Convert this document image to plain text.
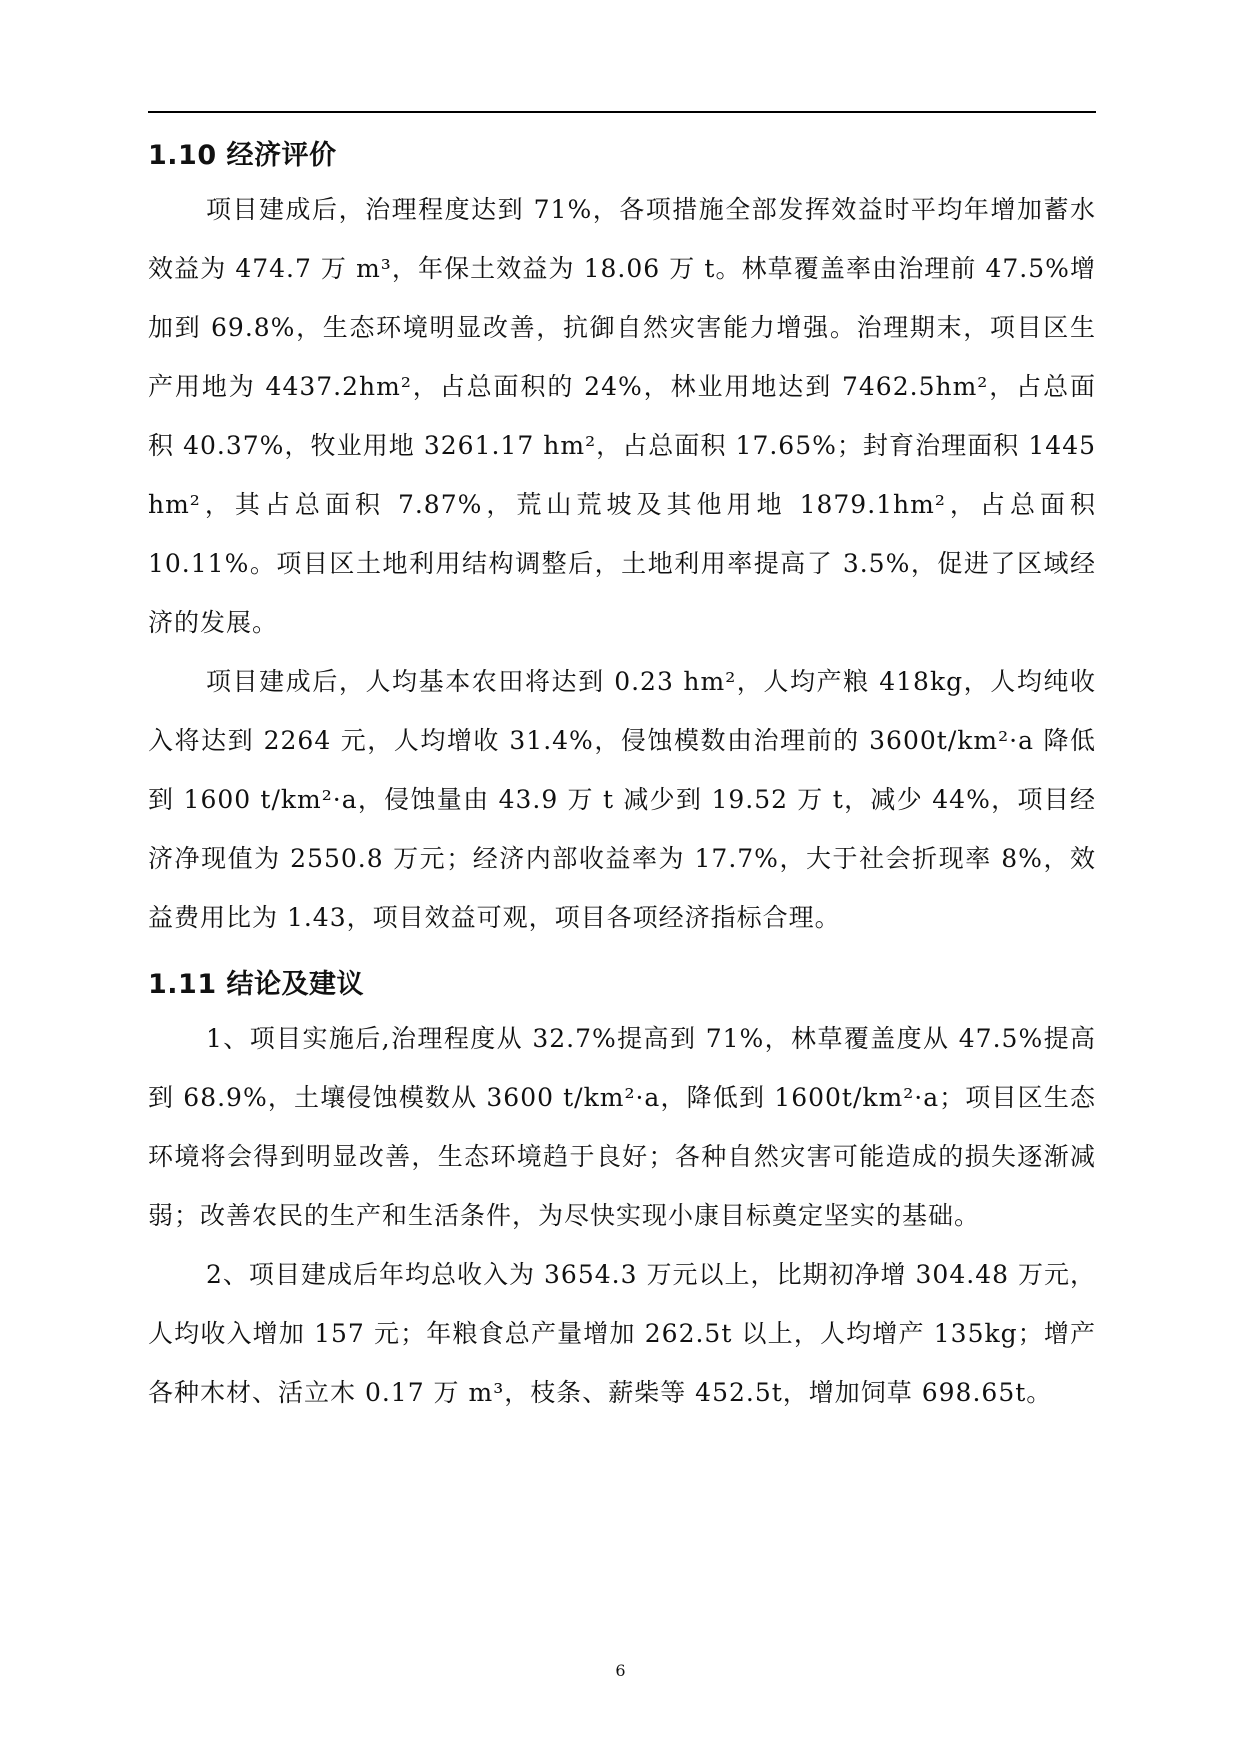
1.10 经济评价

项目建成后，治理程度达到 71%，各项措施全部发挥效益时平均年增加蓄水效益为 474.7 万 m³，年保土效益为 18.06 万 t。林草覆盖率由治理前 47.5%增加到 69.8%，生态环境明显改善，抗御自然灾害能力增强。治理期末，项目区生产用地为 4437.2hm²，占总面积的 24%，林业用地达到 7462.5hm²，占总面积 40.37%，牧业用地 3261.17 hm²，占总面积 17.65%；封育治理面积 1445 hm²，其占总面积 7.87%，荒山荒坡及其他用地 1879.1hm²，占总面积 10.11%。项目区土地利用结构调整后，土地利用率提高了 3.5%，促进了区域经济的发展。

项目建成后，人均基本农田将达到 0.23 hm²，人均产粮 418kg，人均纯收入将达到 2264 元，人均增收 31.4%，侵蚀模数由治理前的 3600t/km²·a 降低到 1600 t/km²·a，侵蚀量由 43.9 万 t 减少到 19.52 万 t，减少 44%，项目经济净现值为 2550.8 万元；经济内部收益率为 17.7%，大于社会折现率 8%，效益费用比为 1.43，项目效益可观，项目各项经济指标合理。

1.11 结论及建议

1、项目实施后,治理程度从 32.7%提高到 71%，林草覆盖度从 47.5%提高到 68.9%，土壤侵蚀模数从 3600 t/km²·a，降低到 1600t/km²·a；项目区生态环境将会得到明显改善，生态环境趋于良好；各种自然灾害可能造成的损失逐渐减弱；改善农民的生产和生活条件，为尽快实现小康目标奠定坚实的基础。

2、项目建成后年均总收入为 3654.3 万元以上，比期初净增 304.48 万元，人均收入增加 157 元；年粮食总产量增加 262.5t 以上，人均增产 135kg；增产各种木材、活立木 0.17 万 m³，枝条、薪柴等 452.5t，增加饲草 698.65t。

6
